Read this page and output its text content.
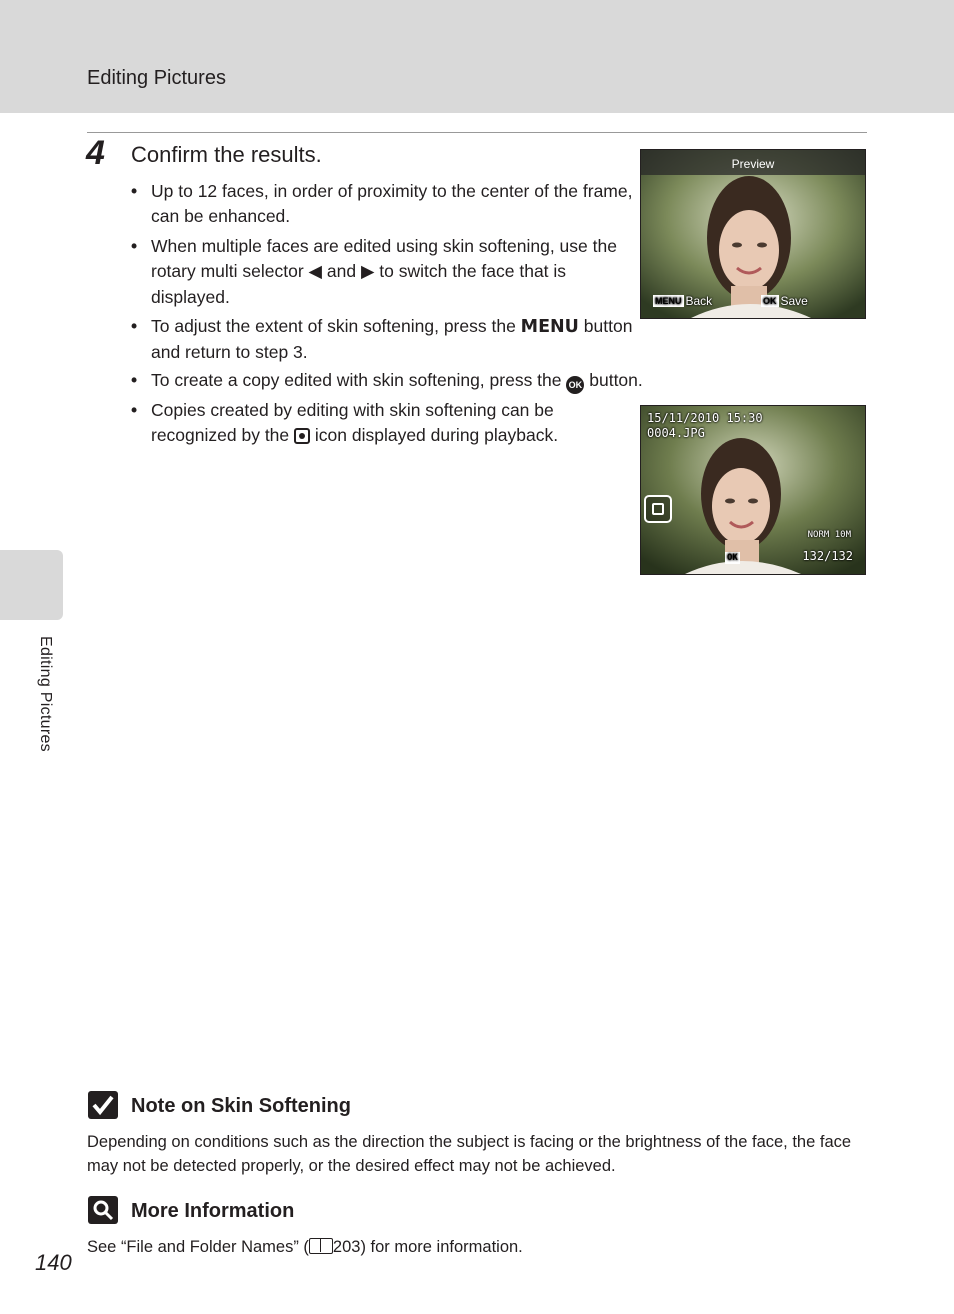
Editing Pictures
Editing Pictures
4 Confirm the results.
• Up to 12 faces, in order of proximity to the center of the frame, can be enhanced.
• When multiple faces are edited using skin softening, use the rotary multi selector ◀ and ▶ to switch the face that is displayed.
• To adjust the extent of skin softening, press the MENU button and return to step 3.
• To create a copy edited with skin softening, press the OK button.
• Copies created by editing with skin softening can be recognized by the  icon displayed during playback.
Preview
MENU Back	OK Save
15/11/2010 15:30
0004.JPG
NORM 10M
OK	132/132
Note on Skin Softening
Depending on conditions such as the direction the subject is facing or the brightness of the face, the face may not be detected properly, or the desired effect may not be achieved.
More Information
See “File and Folder Names” ( 203) for more information.
140
